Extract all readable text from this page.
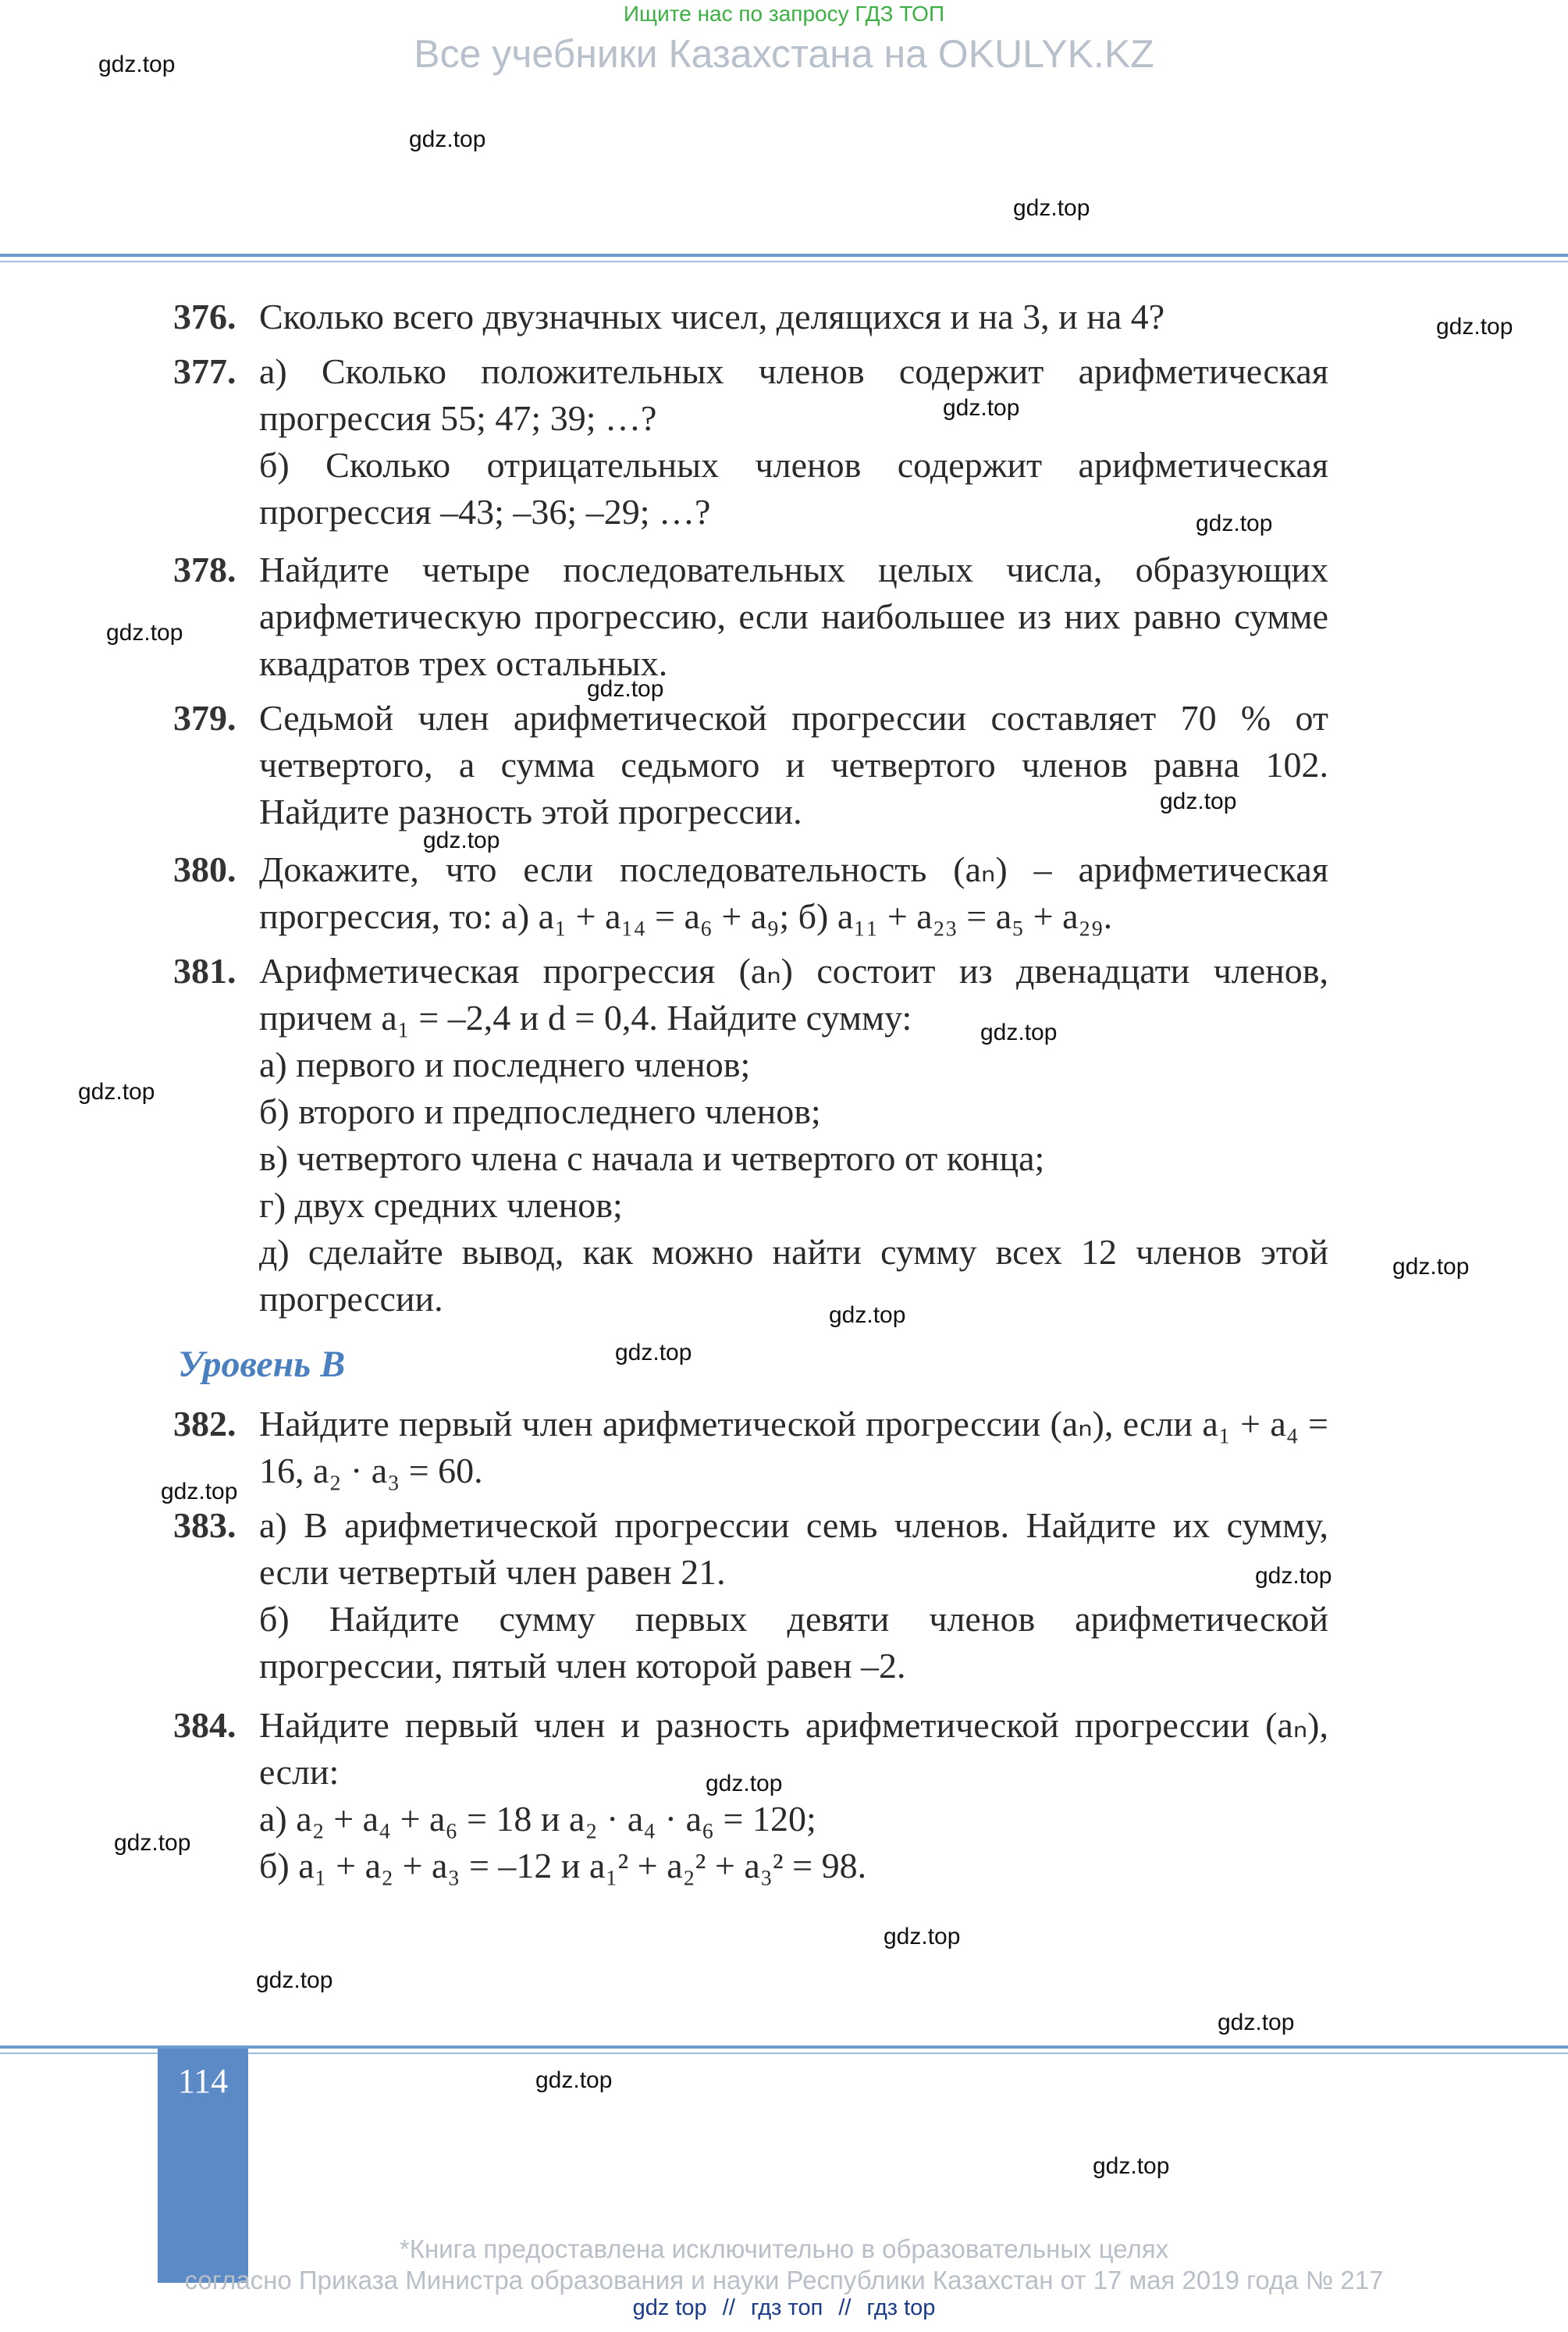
Ищите нас по запросу ГДЗ ТОП
Все учебники Казахстана на OKULYK.KZ
376. Сколько всего двузначных чисел, делящихся и на 3, и на 4?
377. а) Сколько положительных членов содержит арифметическая прогрессия 55; 47; 39; …?
б) Сколько отрицательных членов содержит арифметическая прогрессия –43; –36; –29; …?
378. Найдите четыре последовательных целых числа, образующих арифметическую прогрессию, если наибольшее из них равно сумме квадратов трех остальных.
379. Седьмой член арифметической прогрессии составляет 70 % от четвертого, а сумма седьмого и четвертого членов равна 102. Найдите разность этой прогрессии.
380. Докажите, что если последовательность (aₙ) – арифметическая прогрессия, то: а) a₁ + a₁₄ = a₆ + a₉; б) a₁₁ + a₂₃ = a₅ + a₂₉.
381. Арифметическая прогрессия (aₙ) состоит из двенадцати членов, причем a₁ = –2,4 и d = 0,4. Найдите сумму:
а) первого и последнего членов;
б) второго и предпоследнего членов;
в) четвертого члена с начала и четвертого от конца;
г) двух средних членов;
д) сделайте вывод, как можно найти сумму всех 12 членов этой прогрессии.
Уровень B
382. Найдите первый член арифметической прогрессии (aₙ), если a₁ + a₄ = 16, a₂ · a₃ = 60.
383. а) В арифметической прогрессии семь членов. Найдите их сумму, если четвертый член равен 21.
б) Найдите сумму первых девяти членов арифметической прогрессии, пятый член которой равен –2.
384. Найдите первый член и разность арифметической прогрессии (aₙ), если:
а) a₂ + a₄ + a₆ = 18 и a₂ · a₄ · a₆ = 120;
б) a₁ + a₂ + a₃ = –12 и a₁² + a₂² + a₃² = 98.
gdz.top
gdz.top
gdz.top
gdz.top
gdz.top
gdz.top
gdz.top
gdz.top
gdz.top
gdz.top
gdz.top
gdz.top
gdz.top
gdz.top
gdz.top
gdz.top
gdz.top
gdz.top
gdz.top
gdz.top
gdz.top
gdz.top
gdz.top
gdz.top
114
*Книга предоставлена исключительно в образовательных целях
согласно Приказа Министра образования и науки Республики Казахстан от 17 мая 2019 года № 217
gdz top // гдз топ // гдз top
